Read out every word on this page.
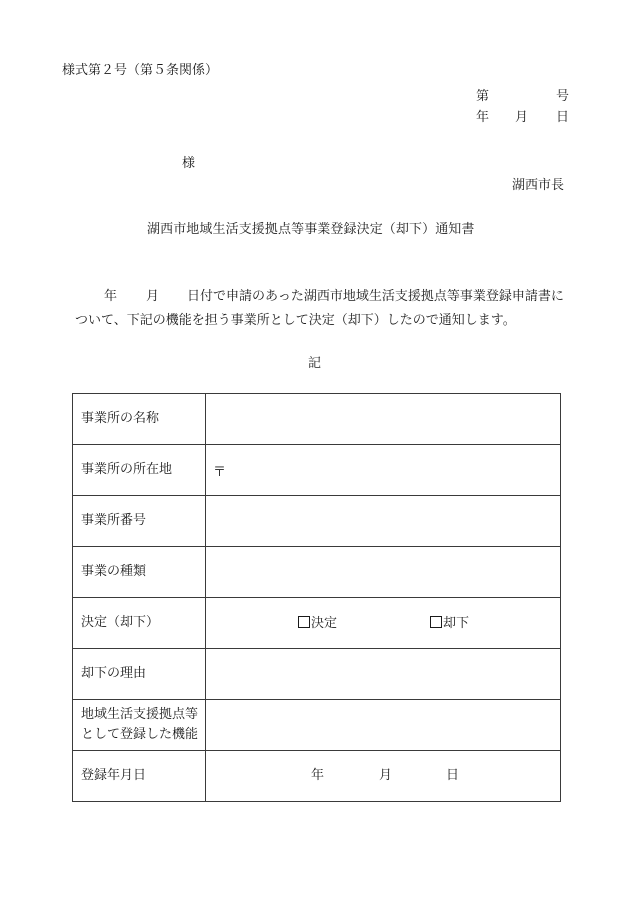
様式第２号（第５条関係）
第	号
年 月 日
様
湖西市長
湖西市地域生活支援拠点等事業登録決定（却下）通知書
年 月 日付で申請のあった湖西市地域生活支援拠点等事業登録申請書に
ついて、下記の機能を担う事業所として決定（却下）したので通知します。
記
事業所の名称	
事業所の所在地	〒

事業所番号	
事業の種類	
決定（却下）	決定 却下

却下の理由	
地域生活支援拠点等
として登録した機能	
登録年月日	年 月 日
